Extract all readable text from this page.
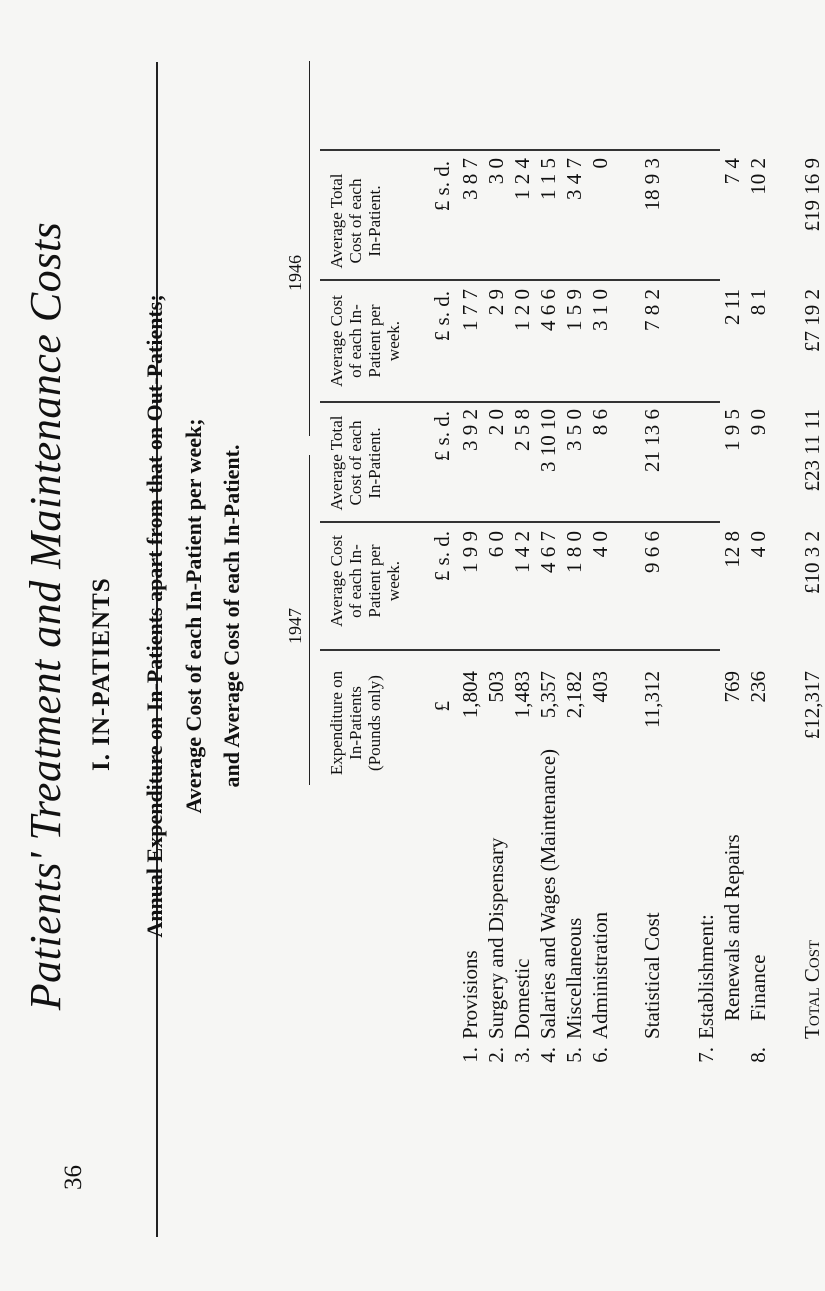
36
Patients' Treatment and Maintenance Costs I. IN-PATIENTS Annual Expenditure on In-Patients apart from that on Out-Patients; Average Cost of each In-Patient per week; and Average Cost of each In-Patient. 1947
1946
Expenditure on In-Patients (Pounds only)
Average Cost of each In-Patient per week.
Average Total Cost of each In-Patient.
Average Cost of each In-Patient per week.
Average Total Cost of each In-Patient.
£
£ s. d.
£ s. d.
£ s. d.
£ s. d.
1.
Provisions
1,804
1 9 9
3 9 2
1 7 7
3 8 7
2.
Surgery and Dispensary
503
6 0
2 0
2 9
3 0
3.
Domestic
1,483
1 4 2
2 5 8
1 2 0
1 2 4
4.
Salaries and Wages (Maintenance)
5,357
4 6 7
3 10 10
4 6 6
1 1 5
5.
Miscellaneous
2,182
1 8 0
3 5 0
1 5 9
3 4 7
6.
Administration
403
4 0
8 6
3 1 0
0
Statistical Cost
11,312
9 6 6
21 13 6
7 8 2
18 9 3
7.
Establishment: Renewals and Repairs
769
12 8
1 9 5
2 11
7 4
8.
Finance
236
4 0
9 0
8 1
10 2
Total Cost
£12,317
£10 3 2
£23 11 11
£7 19 2
£19 16 9
